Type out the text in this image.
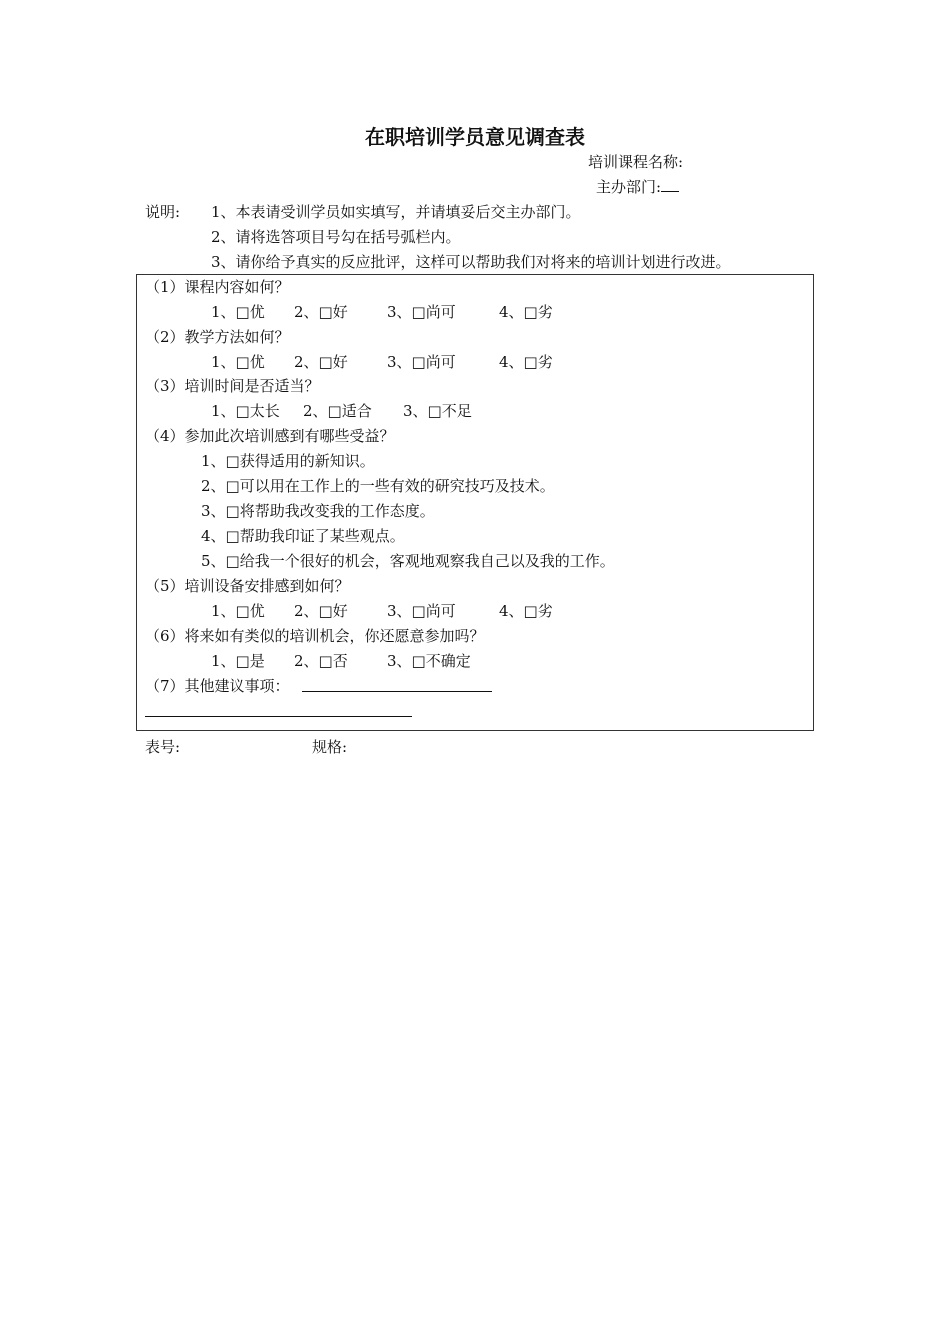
在职培训学员意见调查表
培训课程名称:
主办部门:
说明: 1、本表请受训学员如实填写，并请填妥后交主办部门。
2、请将选答项目号勾在括号弧栏内。
3、请你给予真实的反应批评，这样可以帮助我们对将来的培训计划进行改进。
（1）课程内容如何？
1、□优 2、□好	3、□尚可	4、□劣
（2）教学方法如何？
1、□优 2、□好	3、□尚可	4、□劣
（3）培训时间是否适当？
1、□太长 2、□适合 3、□不足
（4）参加此次培训感到有哪些受益？
1、□获得适用的新知识。
2、□可以用在工作上的一些有效的研究技巧及技术。
3、□将帮助我改变我的工作态度。
4、□帮助我印证了某些观点。
5、□给我一个很好的机会，客观地观察我自己以及我的工作。
（5）培训设备安排感到如何？
1、□优 2、□好	3、□尚可	4、□劣
（6）将来如有类似的培训机会，你还愿意参加吗？
1、□是 2、□否	3、□不确定
（7）其他建议事项：
表号:	规格:
